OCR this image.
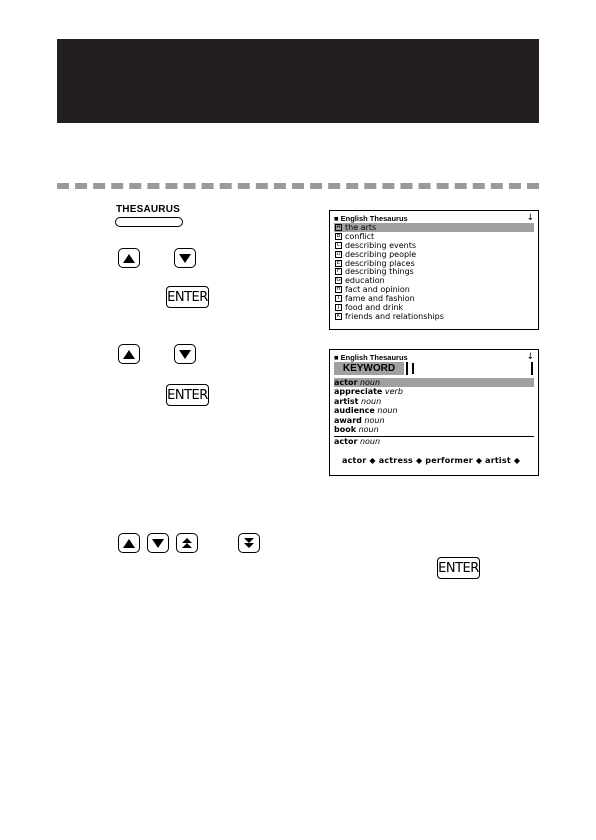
THESAURUS
ENTER
ENTER
ENTER
■ English Thesaurus	↓
A the arts
B conflict
C describing events
D describing people
E describing places
F describing things
G education
H fact and opinion
I fame and fashion
J food and drink
K friends and relationships
■ English Thesaurus	↓
KEYWORD
actor noun
appreciate verb
artist noun
audience noun
award noun
book noun
actor noun
actor ◆ actress ◆ performer ◆ artist ◆
